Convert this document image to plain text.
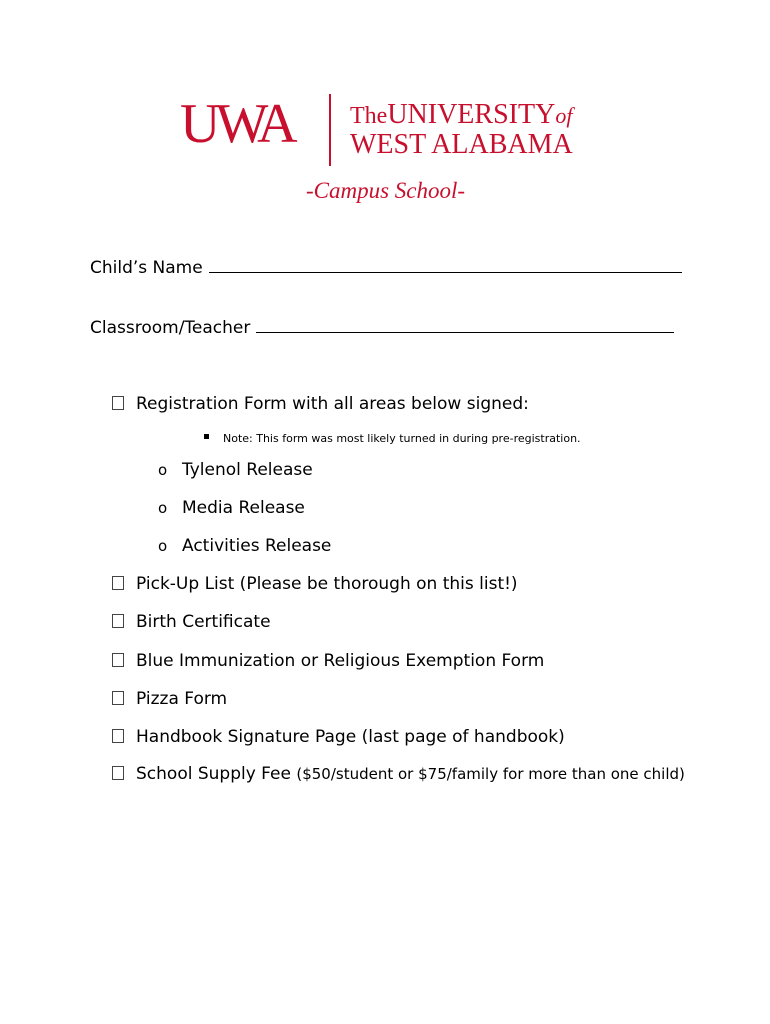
UWA TheUNIVERSITYof
WEST ALABAMA
-Campus School-
Child’s Name
Classroom/Teacher
Registration Form with all areas below signed:
Note: This form was most likely turned in during pre-registration.
o Tylenol Release
o Media Release
o Activities Release
Pick-Up List (Please be thorough on this list!)
Birth Certificate
Blue Immunization or Religious Exemption Form
Pizza Form
Handbook Signature Page (last page of handbook)
School Supply Fee ($50/student or $75/family for more than one child)
